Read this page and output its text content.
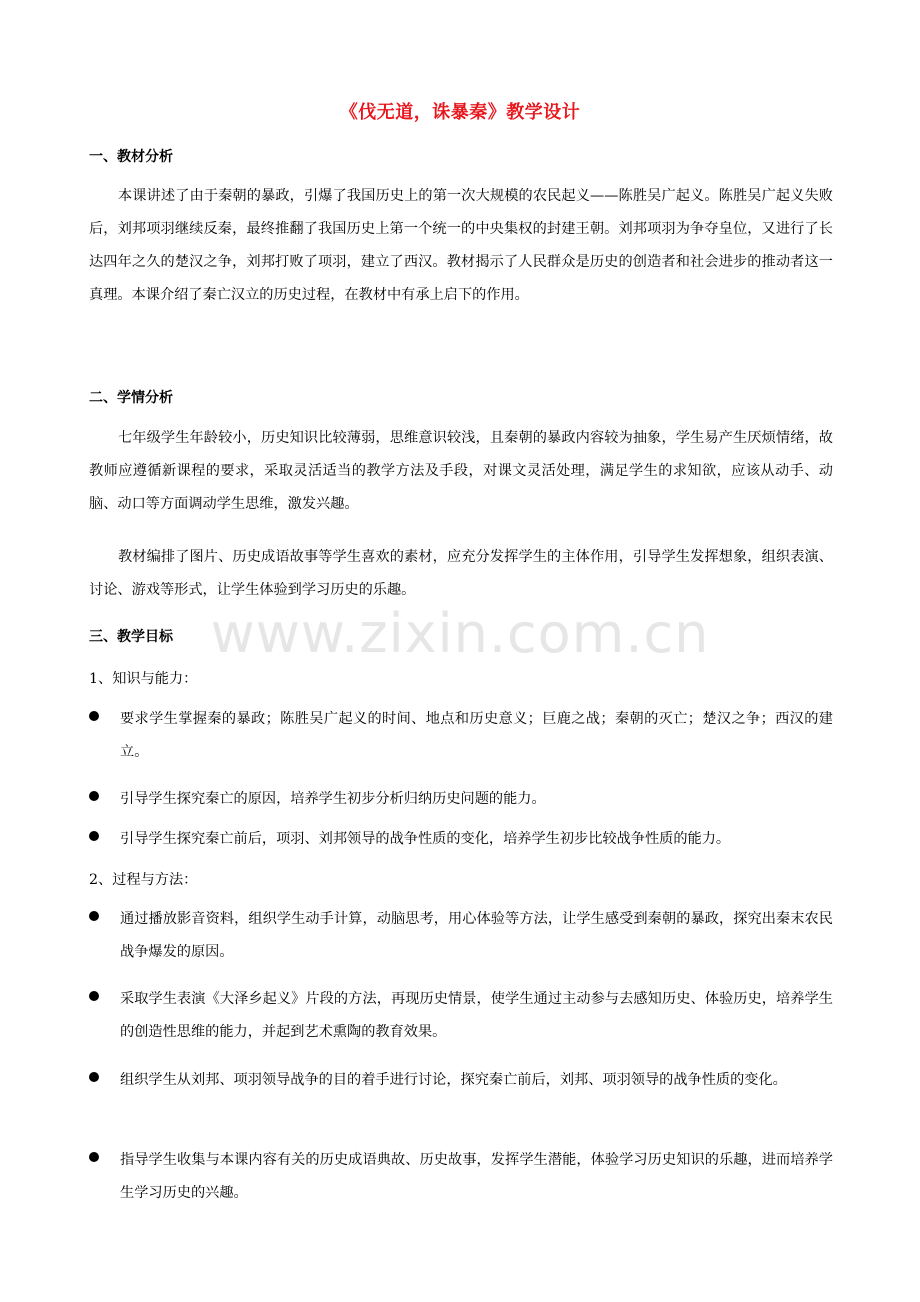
《伐无道，诛暴秦》教学设计
www.zixin.com.cn
一、教材分析
本课讲述了由于秦朝的暴政，引爆了我国历史上的第一次大规模的农民起义——陈胜吴广起义。陈胜吴广起义失败后，刘邦项羽继续反秦，最终推翻了我国历史上第一个统一的中央集权的封建王朝。刘邦项羽为争夺皇位，又进行了长达四年之久的楚汉之争，刘邦打败了项羽，建立了西汉。教材揭示了人民群众是历史的创造者和社会进步的推动者这一真理。本课介绍了秦亡汉立的历史过程，在教材中有承上启下的作用。
二、学情分析
七年级学生年龄较小，历史知识比较薄弱，思维意识较浅，且秦朝的暴政内容较为抽象，学生易产生厌烦情绪，故教师应遵循新课程的要求，采取灵活适当的教学方法及手段，对课文灵活处理，满足学生的求知欲，应该从动手、动脑、动口等方面调动学生思维，激发兴趣。
教材编排了图片、历史成语故事等学生喜欢的素材，应充分发挥学生的主体作用，引导学生发挥想象，组织表演、讨论、游戏等形式，让学生体验到学习历史的乐趣。
三、教学目标
1、知识与能力：
要求学生掌握秦的暴政；陈胜吴广起义的时间、地点和历史意义；巨鹿之战；秦朝的灭亡；楚汉之争；西汉的建立。
引导学生探究秦亡的原因，培养学生初步分析归纳历史问题的能力。
引导学生探究秦亡前后，项羽、刘邦领导的战争性质的变化，培养学生初步比较战争性质的能力。
2、过程与方法：
通过播放影音资料，组织学生动手计算，动脑思考，用心体验等方法，让学生感受到秦朝的暴政，探究出秦末农民战争爆发的原因。
采取学生表演《大泽乡起义》片段的方法，再现历史情景，使学生通过主动参与去感知历史、体验历史，培养学生的创造性思维的能力，并起到艺术熏陶的教育效果。
组织学生从刘邦、项羽领导战争的目的着手进行讨论，探究秦亡前后，刘邦、项羽领导的战争性质的变化。
指导学生收集与本课内容有关的历史成语典故、历史故事，发挥学生潜能，体验学习历史知识的乐趣，进而培养学生学习历史的兴趣。
